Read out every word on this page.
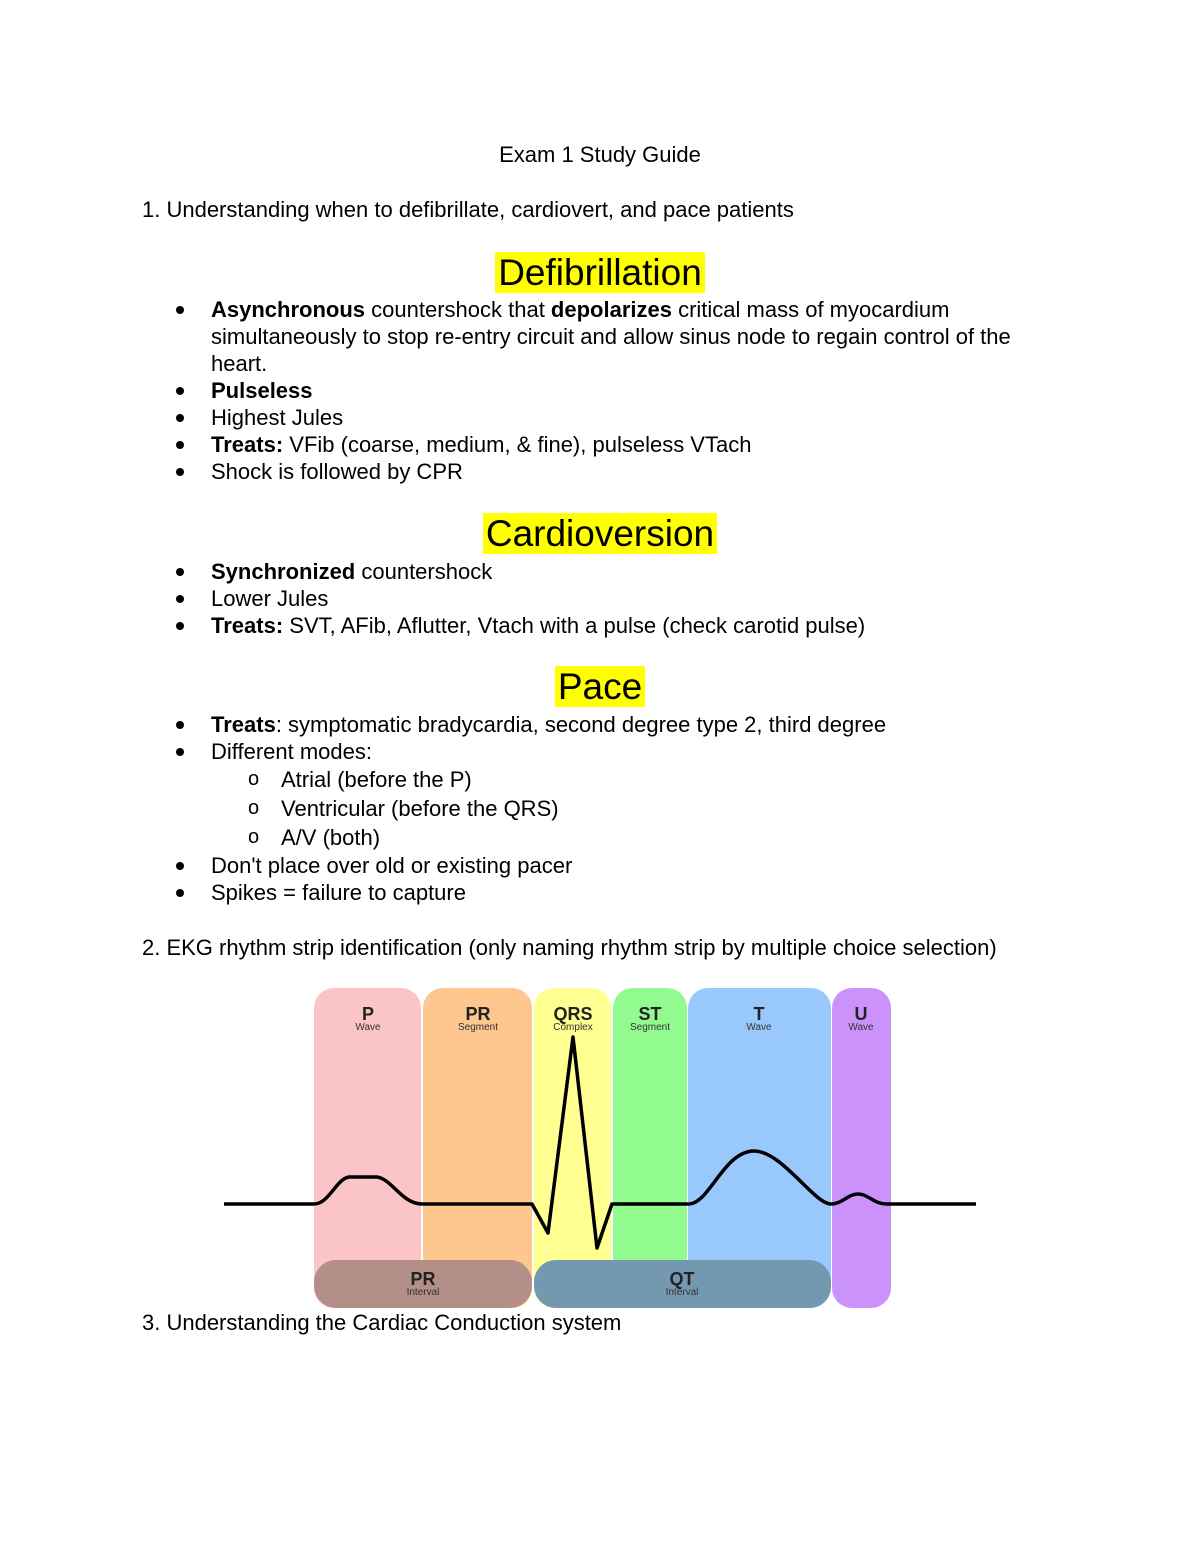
Exam 1 Study Guide
1. Understanding when to defibrillate, cardiovert, and pace patients
Defibrillation
Asynchronous countershock that depolarizes critical mass of myocardium simultaneously to stop re-entry circuit and allow sinus node to regain control of the heart.
Pulseless
Highest Jules
Treats: VFib (coarse, medium, & fine), pulseless VTach
Shock is followed by CPR
Cardioversion
Synchronized countershock
Lower Jules
Treats: SVT, AFib, Aflutter, Vtach with a pulse (check carotid pulse)
Pace
Treats: symptomatic bradycardia, second degree type 2, third degree
Different modes:
o Atrial (before the P)
o Ventricular (before the QRS)
o A/V (both)
Don't place over old or existing pacer
Spikes = failure to capture
2. EKG rhythm strip identification (only naming rhythm strip by multiple choice selection)
P
Wave
PR
Segment
QRS
Complex
ST
Segment
T
Wave
U
Wave
PR
Interval
QT
Interval
3. Understanding the Cardiac Conduction system
